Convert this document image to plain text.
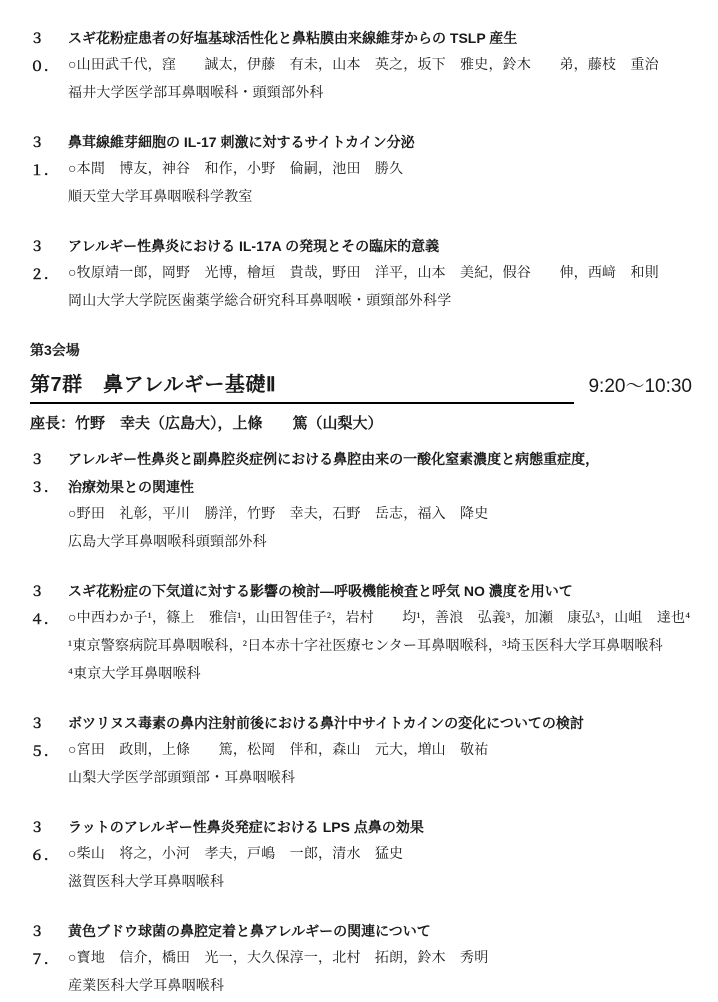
３０．
スギ花粉症患者の好塩基球活性化と鼻粘膜由来線維芽からの TSLP 産生
○山田武千代，窪　　誠太，伊藤　有未，山本　英之，坂下　雅史，鈴木　　弟，藤枝　重治
福井大学医学部耳鼻咽喉科・頭頸部外科
３１．
鼻茸線維芽細胞の IL-17 刺激に対するサイトカイン分泌
○本間　博友，神谷　和作，小野　倫嗣，池田　勝久
順天堂大学耳鼻咽喉科学教室
３２．
アレルギー性鼻炎における IL-17A の発現とその臨床的意義
○牧原靖一郎，岡野　光博，檜垣　貴哉，野田　洋平，山本　美紀，假谷　　伸，西﨑　和則
岡山大学大学院医歯薬学総合研究科耳鼻咽喉・頭頸部外科学
第3会場
第7群　鼻アレルギー基礎Ⅱ	9:20～10:30
座長：竹野　幸夫（広島大），上條　　篤（山梨大）
３３．
アレルギー性鼻炎と副鼻腔炎症例における鼻腔由来の一酸化窒素濃度と病態重症度，
治療効果との関連性
○野田　礼彰，平川　勝洋，竹野　幸夫，石野　岳志，福入　降史
広島大学耳鼻咽喉科頭頸部外科
３４．
スギ花粉症の下気道に対する影響の検討―呼吸機能検査と呼気 NO 濃度を用いて
○中西わか子¹，篠上　雅信¹，山田智佳子²，岩村　　均¹，善浪　弘義³，加瀬　康弘³，山岨　達也⁴
¹東京警察病院耳鼻咽喉科，²日本赤十字社医療センター耳鼻咽喉科，³埼玉医科大学耳鼻咽喉科
⁴東京大学耳鼻咽喉科
３５．
ボツリヌス毒素の鼻内注射前後における鼻汁中サイトカインの変化についての検討
○宮田　政則，上條　　篤，松岡　伴和，森山　元大，増山　敬祐
山梨大学医学部頭頸部・耳鼻咽喉科
３６．
ラットのアレルギー性鼻炎発症における LPS 点鼻の効果
○柴山　将之，小河　孝夫，戸嶋　一郎，清水　猛史
滋賀医科大学耳鼻咽喉科
３７．
黄色ブドウ球菌の鼻腔定着と鼻アレルギーの関連について
○寳地　信介，橋田　光一，大久保淳一，北村　拓朗，鈴木　秀明
産業医科大学耳鼻咽喉科
